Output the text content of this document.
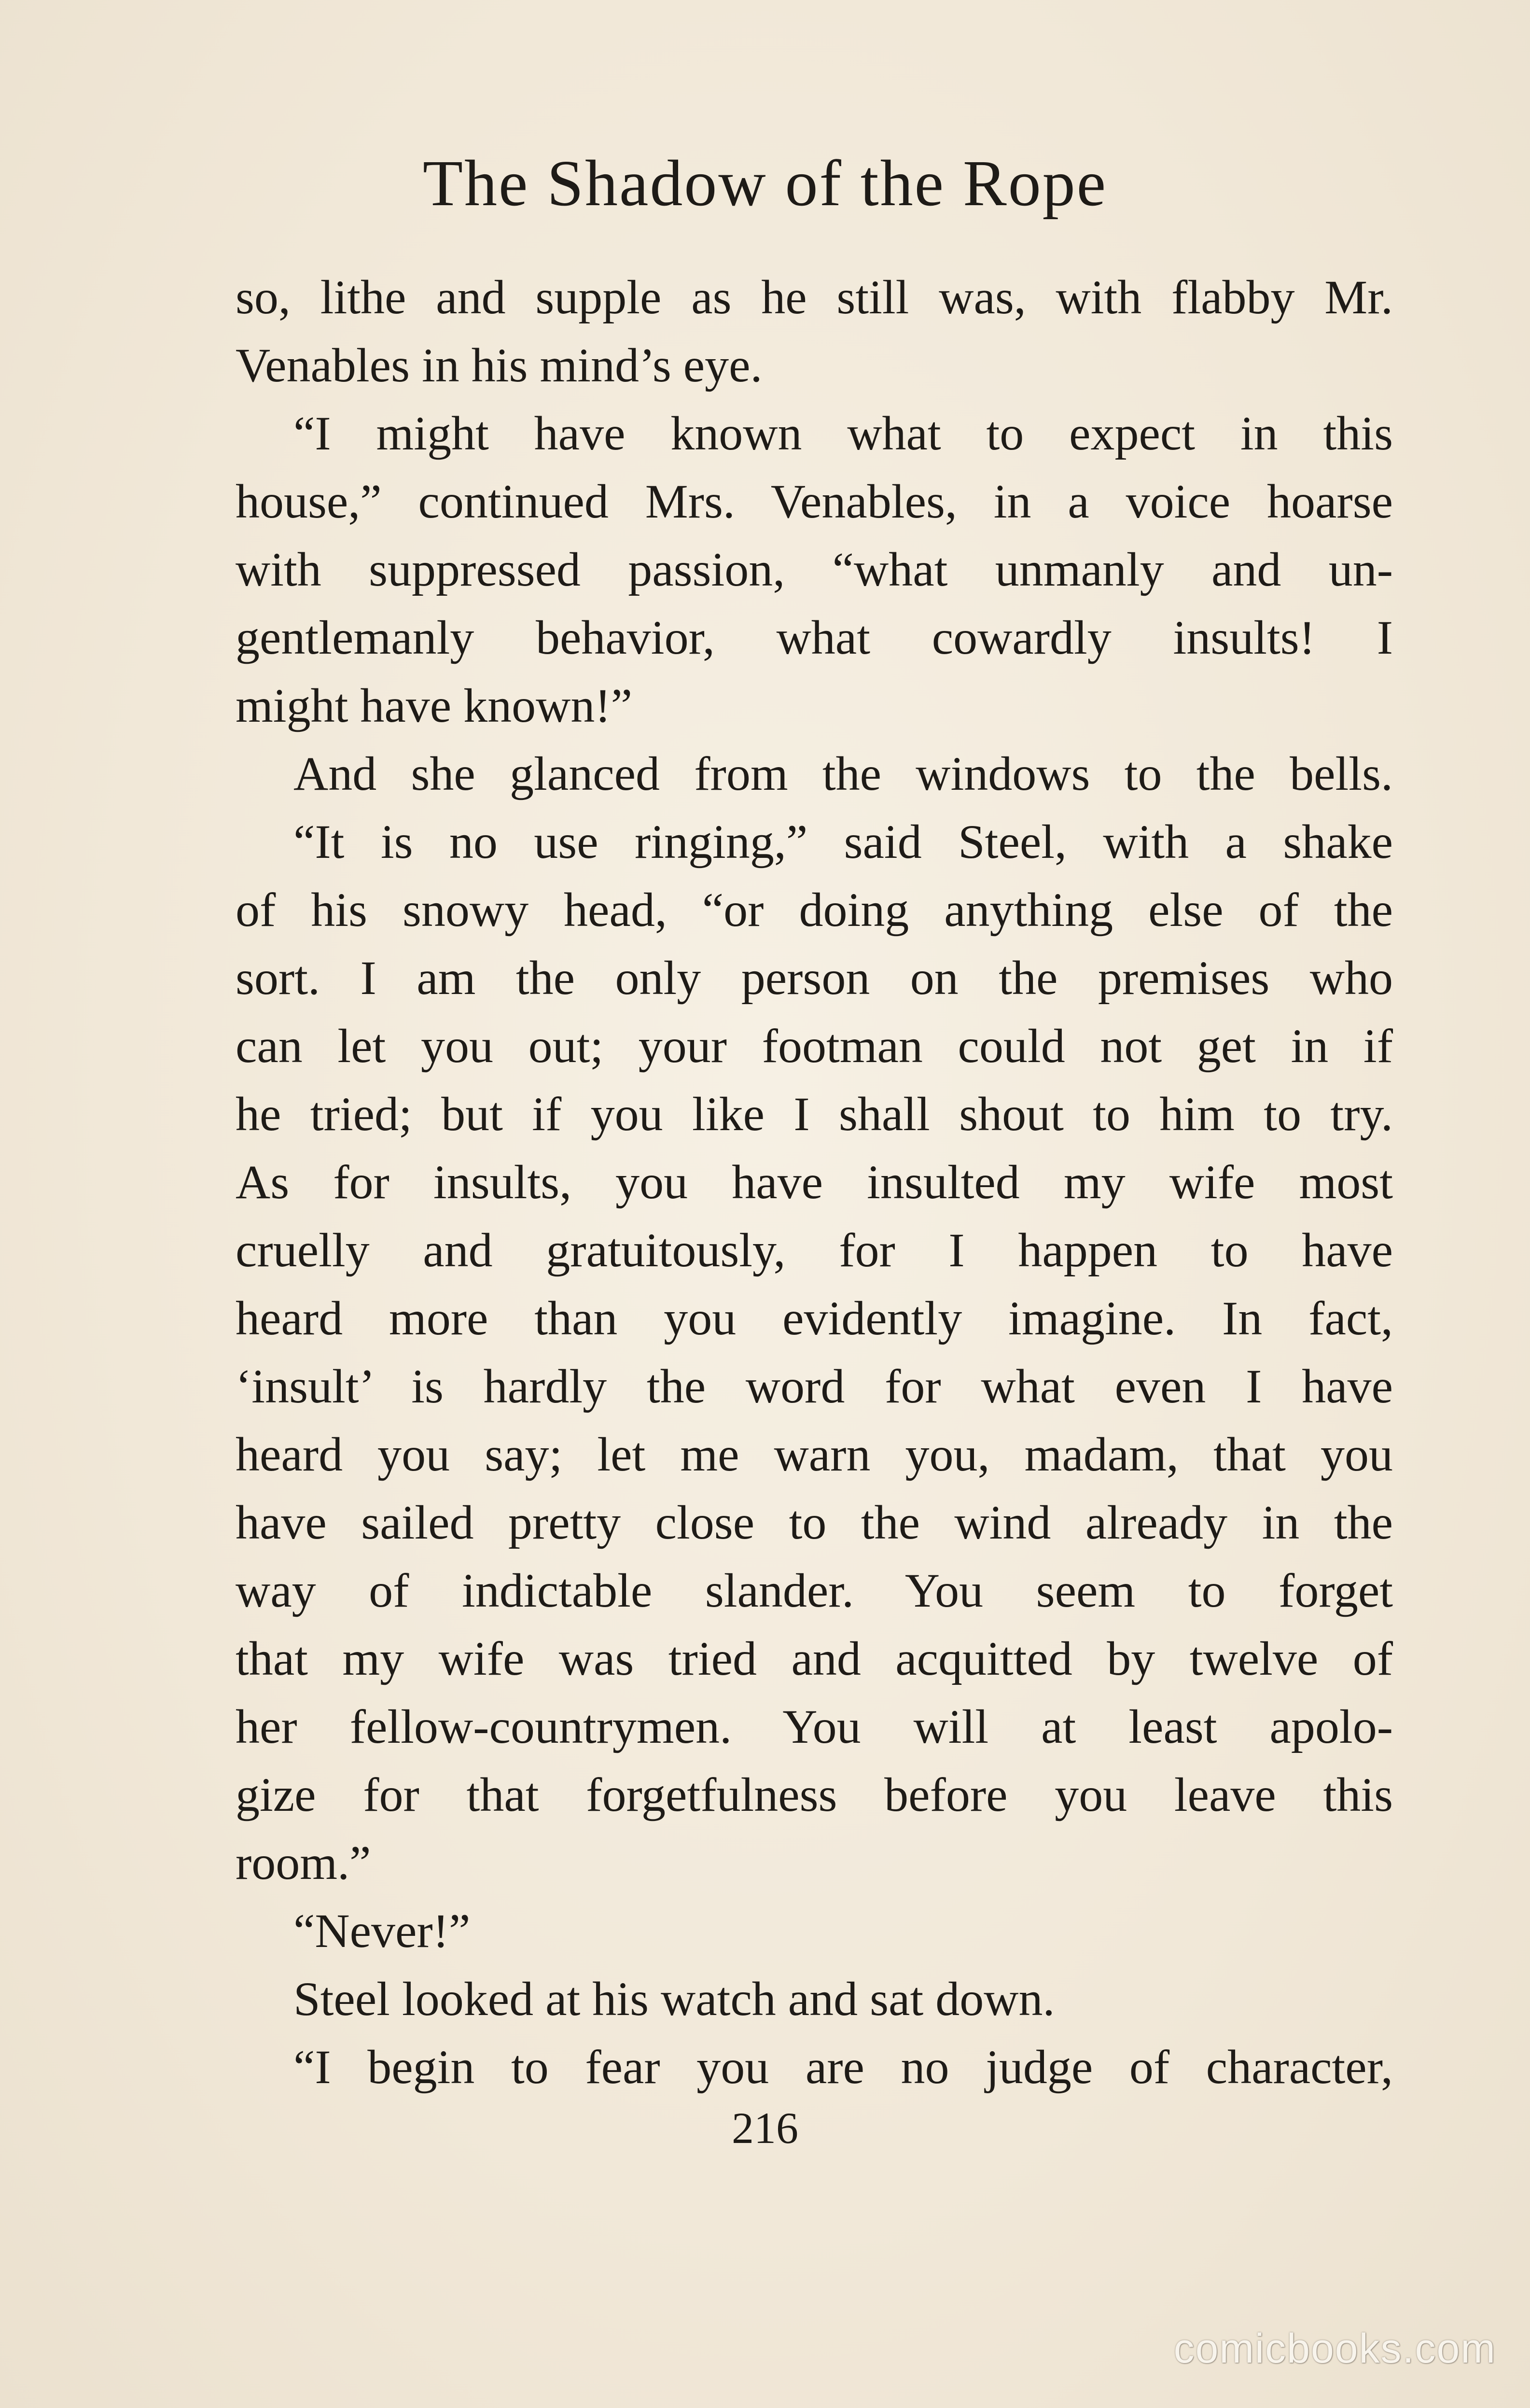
The Shadow of the Rope
so, lithe and supple as he still was, with flabby Mr.
Venables in his mind’s eye.
“I might have known what to expect in this
house,” continued Mrs. Venables, in a voice hoarse
with suppressed passion, “what unmanly and un-
gentlemanly behavior, what cowardly insults! I
might have known!”
And she glanced from the windows to the bells.
“It is no use ringing,” said Steel, with a shake
of his snowy head, “or doing anything else of the
sort. I am the only person on the premises who
can let you out; your footman could not get in if
he tried; but if you like I shall shout to him to try.
As for insults, you have insulted my wife most
cruelly and gratuitously, for I happen to have
heard more than you evidently imagine. In fact,
‘insult’ is hardly the word for what even I have
heard you say; let me warn you, madam, that you
have sailed pretty close to the wind already in the
way of indictable slander. You seem to forget
that my wife was tried and acquitted by twelve of
her fellow-countrymen. You will at least apolo-
gize for that forgetfulness before you leave this
room.”
“Never!”
Steel looked at his watch and sat down.
“I begin to fear you are no judge of character,
216
comicbooks.com
